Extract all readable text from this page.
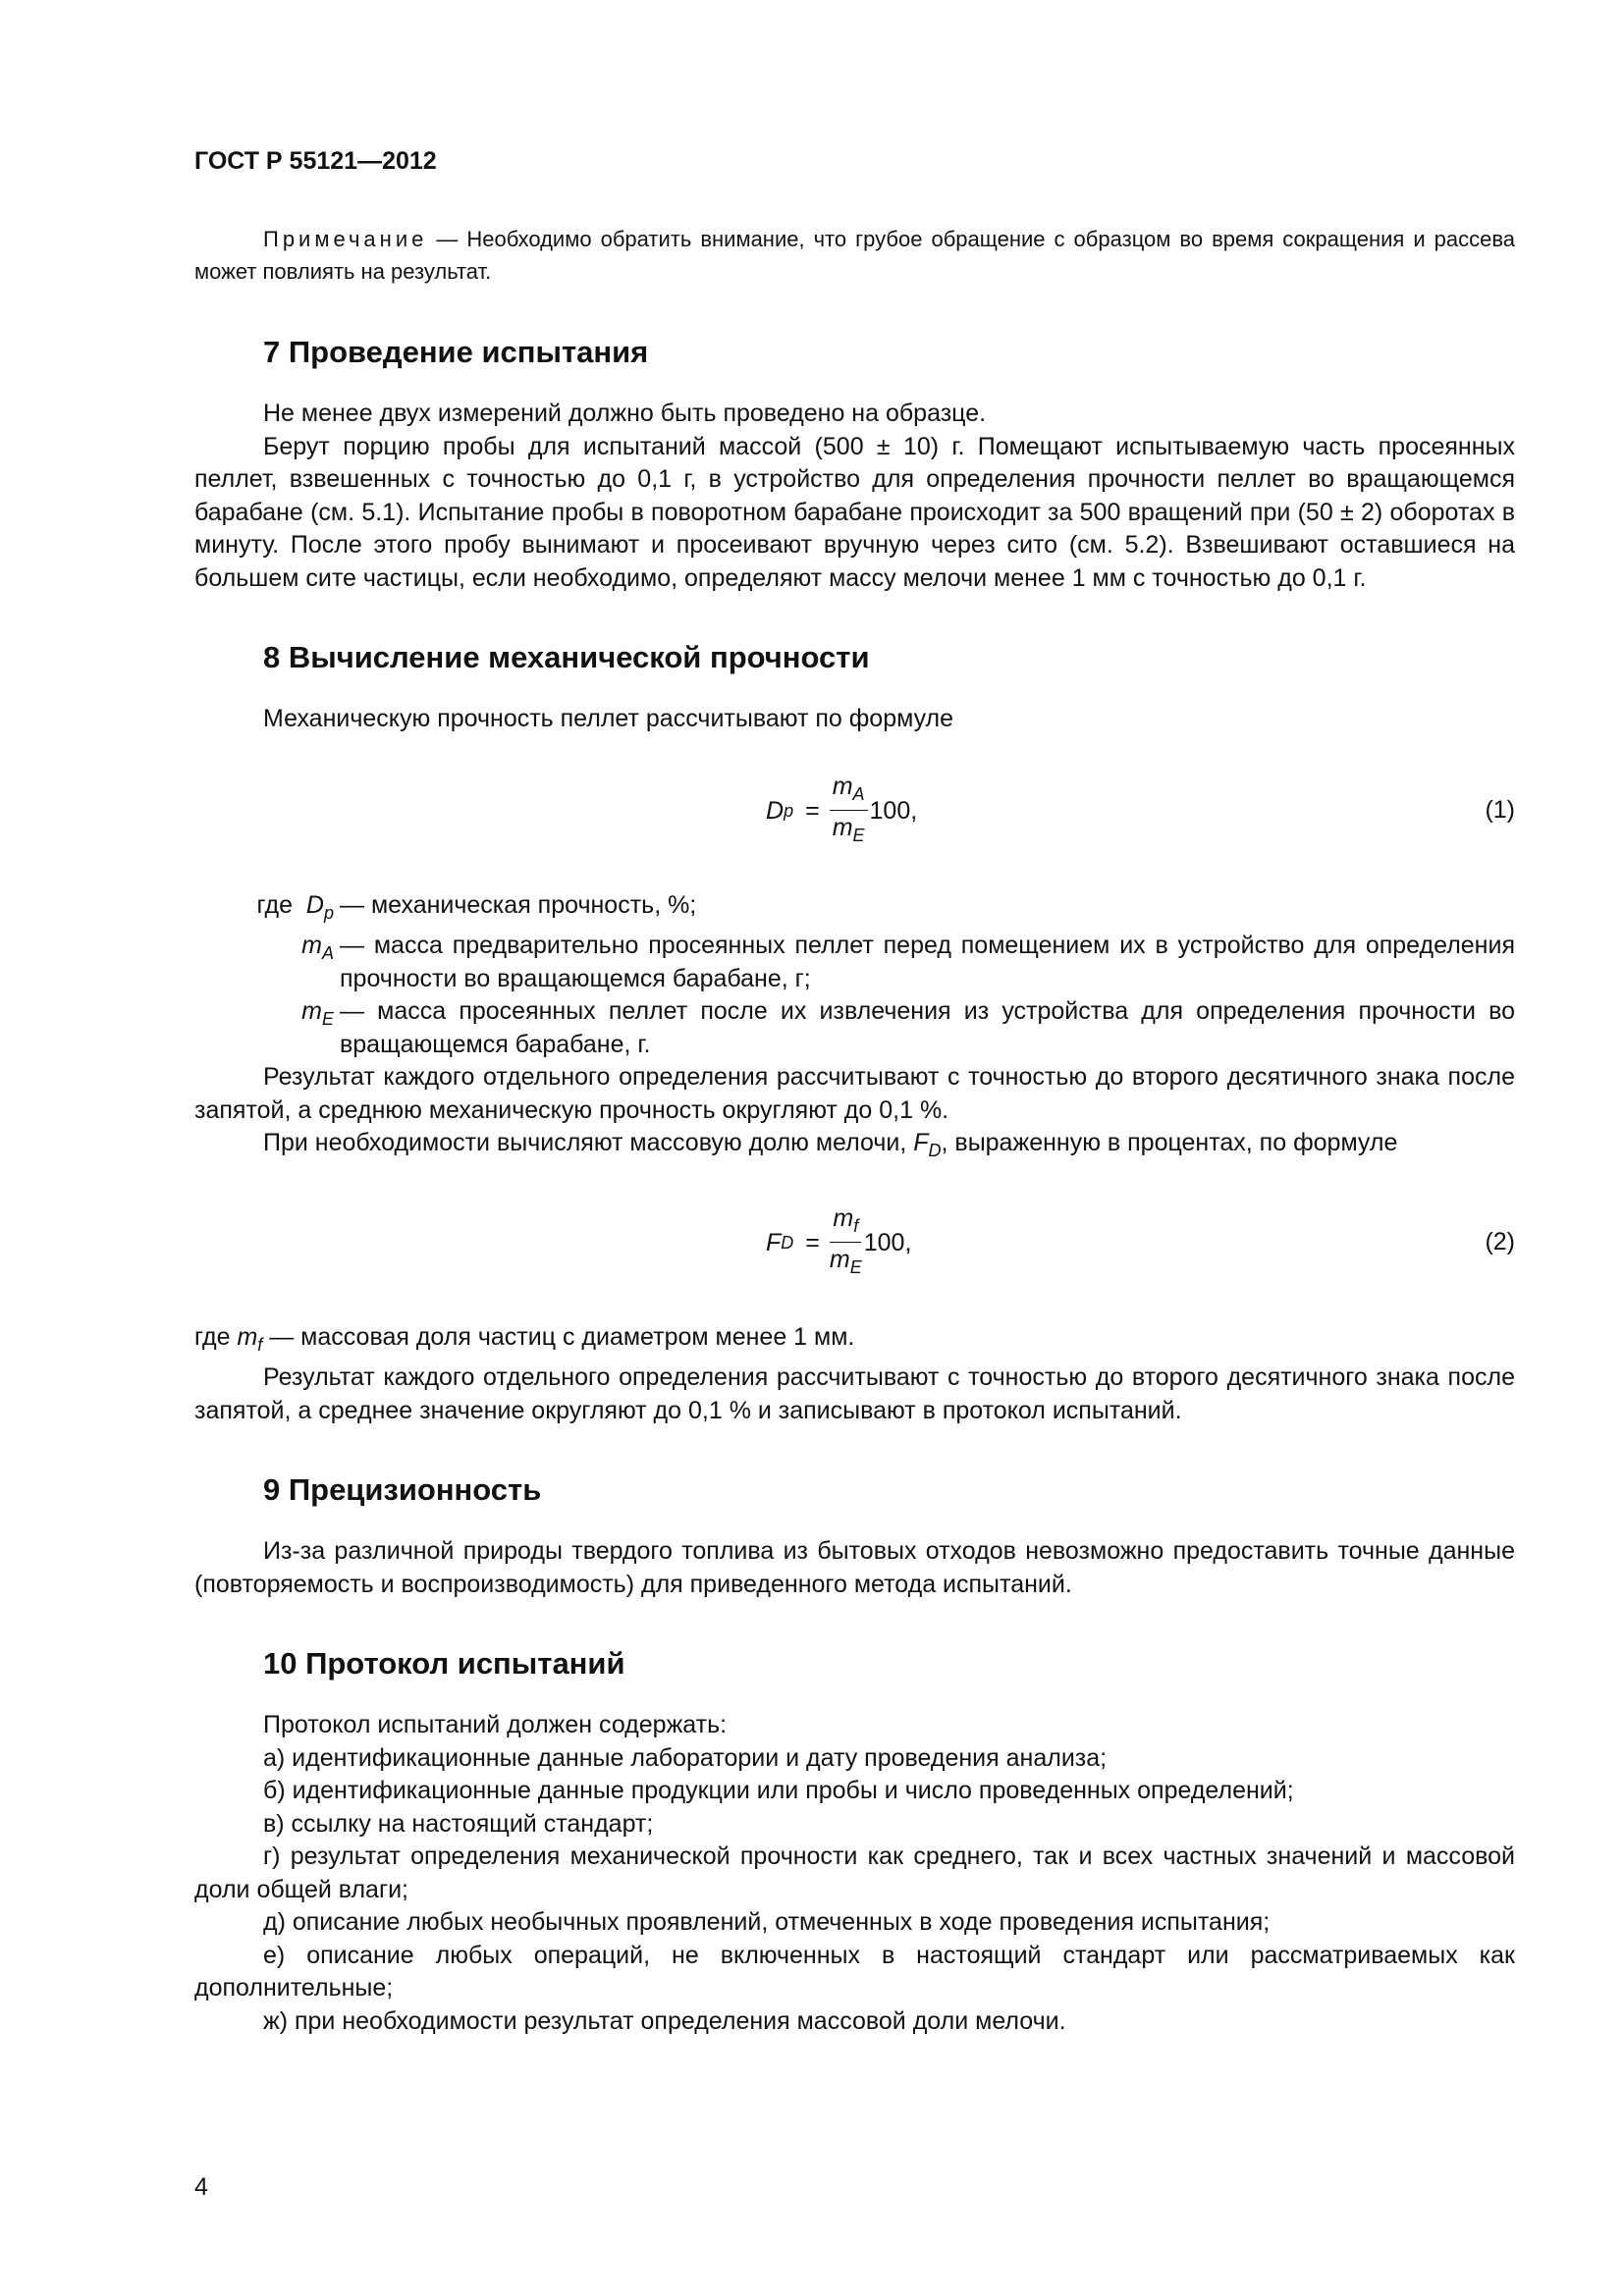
ГОСТ Р 55121—2012

Примечание — Необходимо обратить внимание, что грубое обращение с образцом во время сокращения и рассева может повлиять на результат.

7 Проведение испытания

Не менее двух измерений должно быть проведено на образце.

Берут порцию пробы для испытаний массой (500 ± 10) г. Помещают испытываемую часть просеянных пеллет, взвешенных с точностью до 0,1 г, в устройство для определения прочности пеллет во вращающемся барабане (см. 5.1). Испытание пробы в поворотном барабане происходит за 500 вращений при (50 ± 2) оборотах в минуту. После этого пробу вынимают и просеивают вручную через сито (см. 5.2). Взвешивают оставшиеся на большем сите частицы, если необходимо, определяют массу мелочи менее 1 мм с точностью до 0,1 г.

8 Вычисление механической прочности

Механическую прочность пеллет рассчитывают по формуле

D $p = \frac{m_A}{m_E} 100$,	(1)
где $D_p$ — механическая прочность, %;
$m_A$ — масса предварительно просеянных пеллет перед помещением их в устройство для определения прочности во вращающемся барабане, г;
$m_E$ — масса просеянных пеллет после их извлечения из устройства для определения прочности во вращающемся барабане, г.

Результат каждого отдельного определения рассчитывают с точностью до второго десятичного знака после запятой, а среднюю механическую прочность округляют до 0,1 %.

При необходимости вычисляют массовую долю мелочи, $F_D$, выраженную в процентах, по формуле

F $D = \frac{m_f}{m_E} 100$,	(2)

где $m_f$ — массовая доля частиц с диаметром менее 1 мм.

Результат каждого отдельного определения рассчитывают с точностью до второго десятичного знака после запятой, а среднее значение округляют до 0,1 % и записывают в протокол испытаний.

9 Прецизионность

Из-за различной природы твердого топлива из бытовых отходов невозможно предоставить точные данные (повторяемость и воспроизводимость) для приведенного метода испытаний.

10 Протокол испытаний

Протокол испытаний должен содержать:

а) идентификационные данные лаборатории и дату проведения анализа;

б) идентификационные данные продукции или пробы и число проведенных определений;

в) ссылку на настоящий стандарт;

г) результат определения механической прочности как среднего, так и всех частных значений и массовой доли общей влаги;

д) описание любых необычных проявлений, отмеченных в ходе проведения испытания;

е) описание любых операций, не включенных в настоящий стандарт или рассматриваемых как дополнительные;

ж) при необходимости результат определения массовой доли мелочи.

4
